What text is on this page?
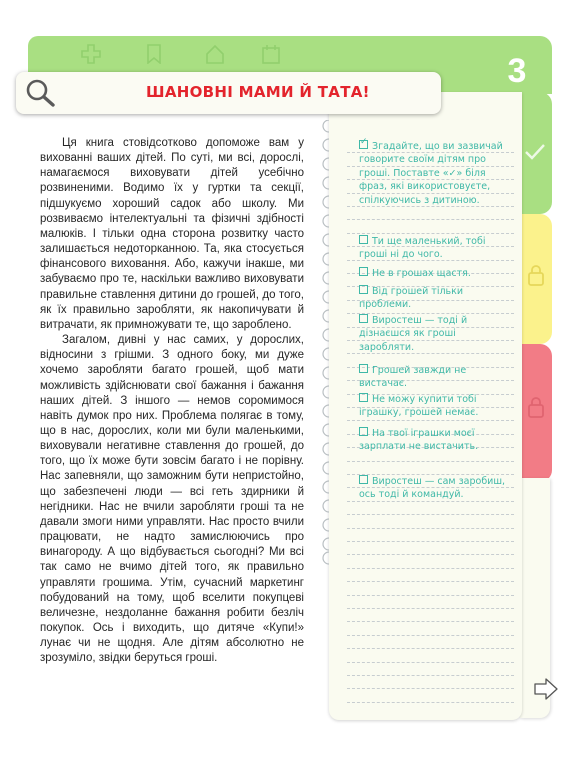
3
✓ Згадайте, що ви зазвичай говорите своїм дітям про гроші. Поставте «✓» біля фраз, які використовуєте, спілкуючись з дитиною.
Ти ще маленький, тобі гроші ні до чого.
Не в грошах щастя.
Від грошей тільки проблеми.
Виростеш — тоді й дізнаєшся як гроші заробляти.
Грошей завжди не вистачає.
Не можу купити тобі іграшку, грошей немає.
На твої іграшки моєї зарплати не вистачить.
Виростеш — сам заробиш, ось тоді й командуй.
ШАНОВНІ МАМИ Й ТАТА!

Ця книга стовідсотково допоможе вам у вихованні ваших дітей. По суті, ми всі, дорослі, намагаємося виховувати дітей усебічно розвиненими. Водимо їх у гуртки та секції, підшукуємо хороший садок або школу. Ми розвиваємо інтелектуальні та фізичні здібності малюків. І тільки одна сторона розвитку часто залишається недоторканною. Та, яка стосується фінансового виховання. Або, кажучи інакше, ми забуваємо про те, наскільки важливо виховувати правильне ставлення дитини до грошей, до того, як їх правильно заробляти, як накопичувати й витрачати, як примножувати те, що зароблено.

Загалом, дивні у нас самих, у дорослих, відносини з грішми. З одного боку, ми дуже хочемо заробляти багато грошей, щоб мати можливість здійснювати свої бажання і бажання наших дітей. З іншого — немов соромимося навіть думок про них. Проблема полягає в тому, що в нас, дорослих, коли ми були маленькими, виховували негативне ставлення до грошей, до того, що їх може бути зовсім багато і не порівну. Нас запевняли, що заможним бути непристойно, що забезпечені люди — всі геть здирники й негідники. Нас не вчили заробляти гроші та не давали змоги ними управляти. Нас просто вчили працювати, не надто замислюючись про винагороду. А що відбувається сьогодні? Ми всі так само не вчимо дітей того, як правильно управляти грошима. Утім, сучасний маркетинг побудований на тому, щоб вселити покупцеві величезне, нездоланне бажання робити безліч покупок. Ось і виходить, що дитяче «Купи!» лунає чи не щодня. Але дітям абсолютно не зрозуміло, звідки беруться гроші.
